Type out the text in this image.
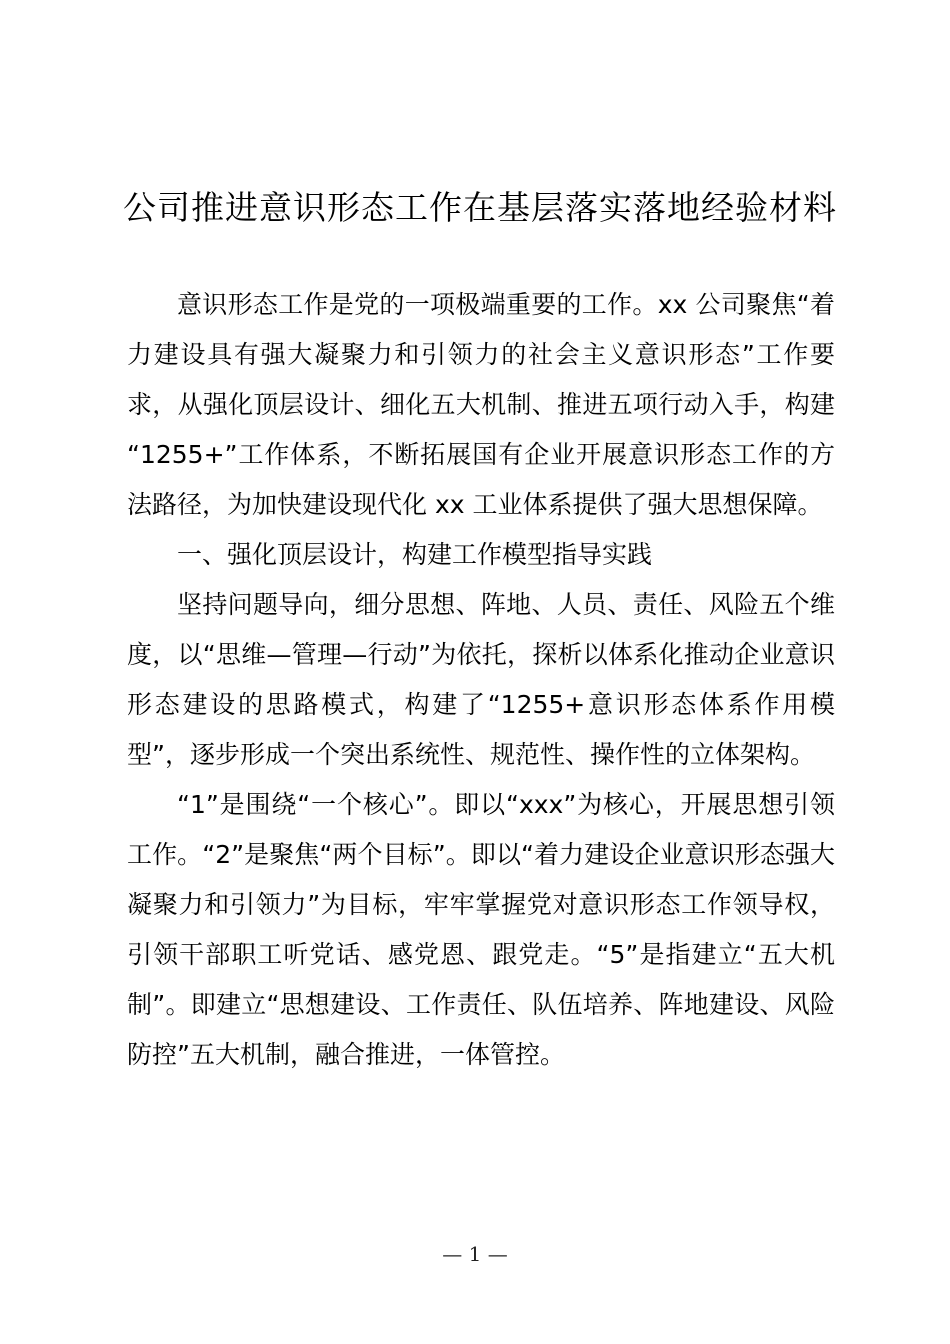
公司推进意识形态工作在基层落实落地经验材料

意识形态工作是党的一项极端重要的工作。xx 公司聚焦“着力建设具有强大凝聚力和引领力的社会主义意识形态”工作要求，从强化顶层设计、细化五大机制、推进五项行动入手，构建 “1255+”工作体系，不断拓展国有企业开展意识形态工作的方法路径，为加快建设现代化 xx 工业体系提供了强大思想保障。

一、强化顶层设计，构建工作模型指导实践

坚持问题导向，细分思想、阵地、人员、责任、风险五个维度，以“思维—管理—行动”为依托，探析以体系化推动企业意识形态建设的思路模式，构建了“1255+意识形态体系作用模型”，逐步形成一个突出系统性、规范性、操作性的立体架构。

“1”是围绕“一个核心”。即以“xxx”为核心，开展思想引领工作。“2”是聚焦“两个目标”。即以“着力建设企业意识形态强大凝聚力和引领力”为目标，牢牢掌握党对意识形态工作领导权，引领干部职工听党话、感党恩、跟党走。“5”是指建立“五大机制”。即建立“思想建设、工作责任、队伍培养、阵地建设、风险防控”五大机制，融合推进，一体管控。

— 1 —
